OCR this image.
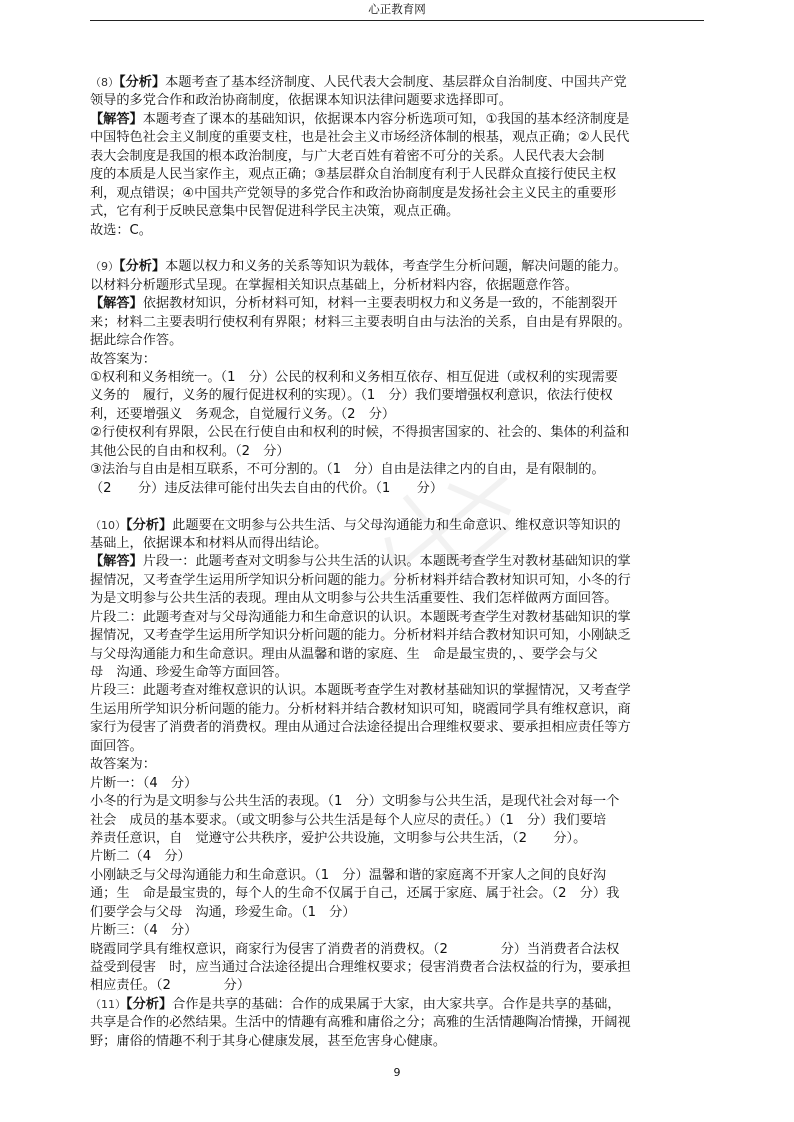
心正教育网
（8）【分析】本题考查了基本经济制度、人民代表大会制度、基层群众自治制度、中国共产党
领导的多党合作和政治协商制度，依据课本知识法律问题要求选择即可。
【解答】本题考查了课本的基础知识，依据课本内容分析选项可知，①我国的基本经济制度是
中国特色社会主义制度的重要支柱，也是社会主义市场经济体制的根基，观点正确；②人民代
表大会制度是我国的根本政治制度，与广大老百姓有着密不可分的关系。人民代表大会制
度的本质是人民当家作主，观点正确；③基层群众自治制度有利于人民群众直接行使民主权
利，观点错误；④中国共产党领导的多党合作和政治协商制度是发扬社会主义民主的重要形
式，它有利于反映民意集中民智促进科学民主决策，观点正确。
故选：C。
（9）【分析】本题以权力和义务的关系等知识为载体，考查学生分析问题，解决问题的能力。
以材料分析题形式呈现。在掌握相关知识点基础上，分析材料内容，依据题意作答。
【解答】依据教材知识，分析材料可知，材料一主要表明权力和义务是一致的，不能割裂开
来；材料二主要表明行使权利有界限；材料三主要表明自由与法治的关系，自由是有界限的。
据此综合作答。
故答案为：
①权利和义务相统一。（1　分）公民的权利和义务相互依存、相互促进（或权利的实现需要
义务的　履行，义务的履行促进权利的实现）。（1　分）我们要增强权利意识，依法行使权
利，还要增强义　务观念，自觉履行义务。（2　分）
②行使权利有界限，公民在行使自由和权利的时候，不得损害国家的、社会的、集体的利益和
其他公民的自由和权利。（2　分）
③法治与自由是相互联系，不可分割的。（1　分）自由是法律之内的自由，是有限制的。
（2　　分）违反法律可能付出失去自由的代价。（1　　分）
（10）【分析】此题要在文明参与公共生活、与父母沟通能力和生命意识、维权意识等知识的
基础上，依据课本和材料从而得出结论。
【解答】片段一：此题考查对文明参与公共生活的认识。本题既考查学生对教材基础知识的掌
握情况，又考查学生运用所学知识分析问题的能力。分析材料并结合教材知识可知，小冬的行
为是文明参与公共生活的表现。理由从文明参与公共生活重要性、我们怎样做两方面回答。
片段二：此题考查对与父母沟通能力和生命意识的认识。本题既考查学生对教材基础知识的掌
握情况，又考查学生运用所学知识分析问题的能力。分析材料并结合教材知识可知，小刚缺乏
与父母沟通能力和生命意识。理由从温馨和谐的家庭、生　命是最宝贵的，、要学会与父
母　沟通、珍爱生命等方面回答。
片段三：此题考查对维权意识的认识。本题既考查学生对教材基础知识的掌握情况，又考查学
生运用所学知识分析问题的能力。分析材料并结合教材知识可知，晓霞同学具有维权意识，商
家行为侵害了消费者的消费权。理由从通过合法途径提出合理维权要求、要承担相应责任等方
面回答。
故答案为：
片断一：（4　分）
小冬的行为是文明参与公共生活的表现。（1　分）文明参与公共生活，是现代社会对每一个
社会　成员的基本要求。（或文明参与公共生活是每个人应尽的责任。）（1　分）我们要培
养责任意识，自　觉遵守公共秩序，爱护公共设施，文明参与公共生活，（2　　分）。
片断二（4　分）
小刚缺乏与父母沟通能力和生命意识。（1　分）温馨和谐的家庭离不开家人之间的良好沟
通；生　命是最宝贵的，每个人的生命不仅属于自己，还属于家庭、属于社会。（2　分）我
们要学会与父母　沟通，珍爱生命。（1　分）
片断三：（4　分）
晓霞同学具有维权意识，商家行为侵害了消费者的消费权。（2　　　　分）当消费者合法权
益受到侵害　时，应当通过合法途径提出合理维权要求；侵害消费者合法权益的行为，要承担
相应责任。（2　　　　分）
（11）【分析】合作是共享的基础：合作的成果属于大家，由大家共享。合作是共享的基础，
共享是合作的必然结果。生活中的情趣有高雅和庸俗之分；高雅的生活情趣陶冶情操，开阔视
野；庸俗的情趣不利于其身心健康发展，甚至危害身心健康。
9
